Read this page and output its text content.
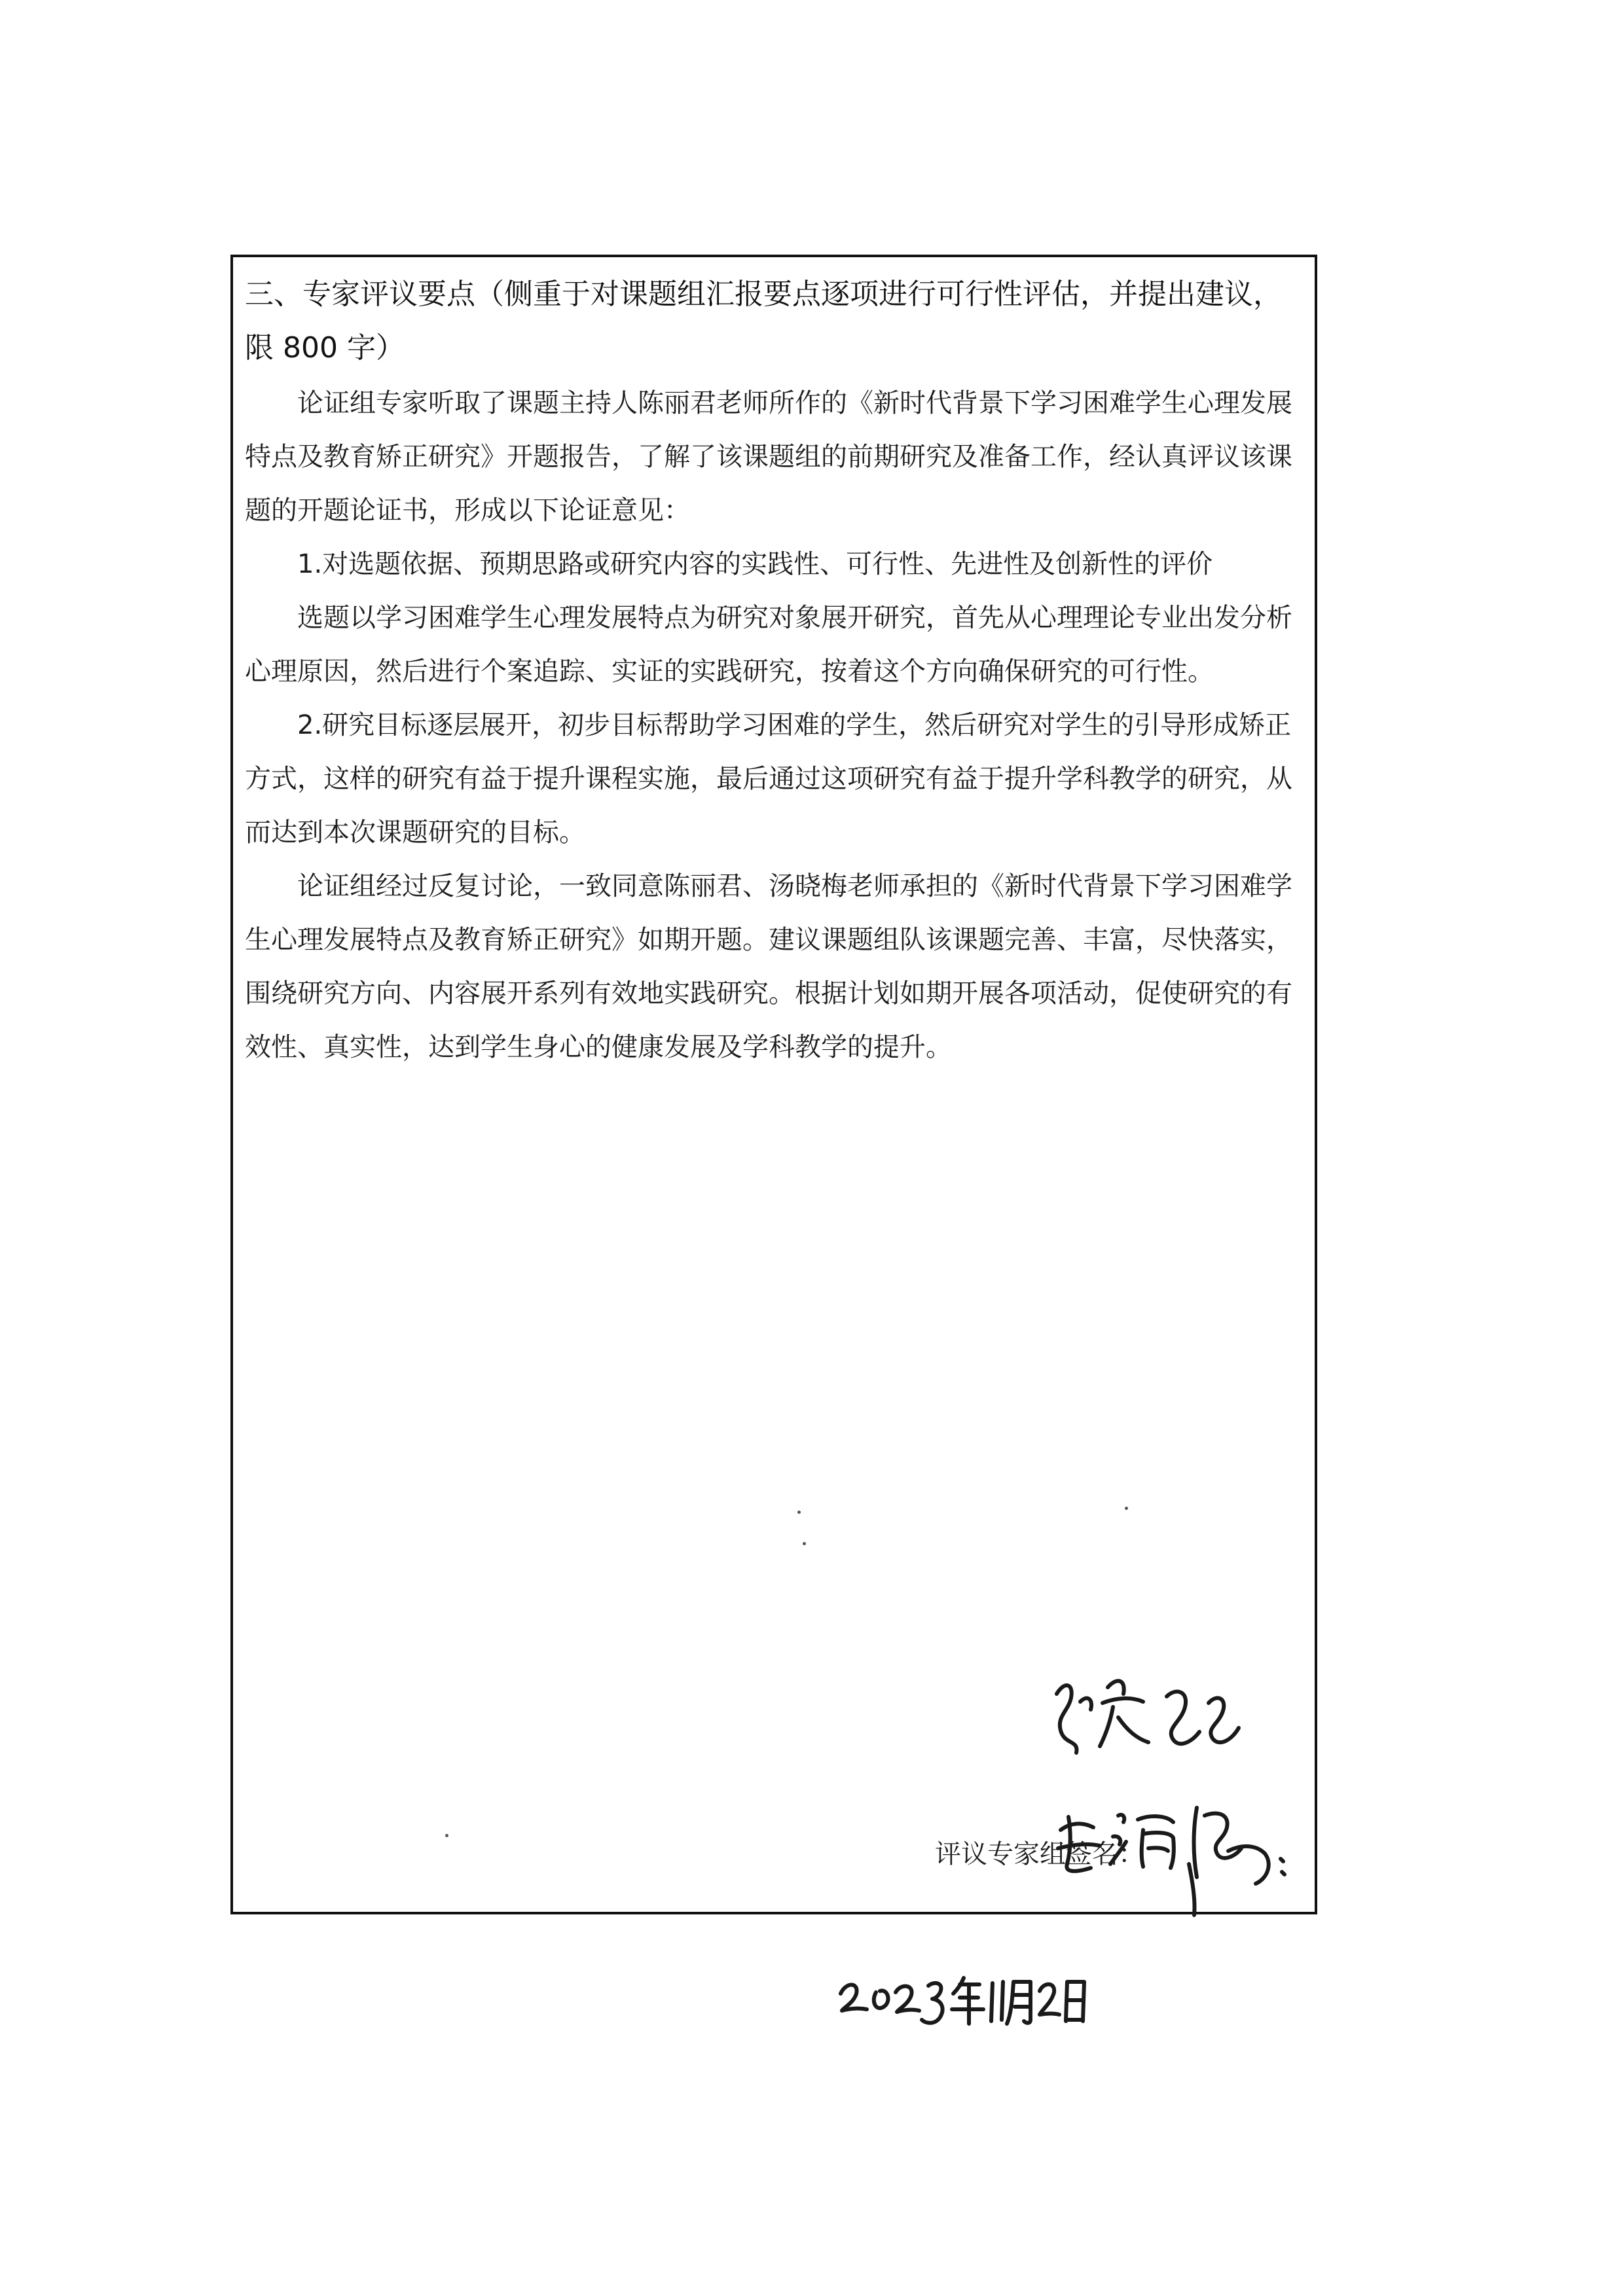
三、专家评议要点（侧重于对课题组汇报要点逐项进行可行性评估，并提出建议，限 800 字）

论证组专家听取了课题主持人陈丽君老师所作的《新时代背景下学习困难学生心理发展特点及教育矫正研究》开题报告，了解了该课题组的前期研究及准备工作，经认真评议该课题的开题论证书，形成以下论证意见：

1.对选题依据、预期思路或研究内容的实践性、可行性、先进性及创新性的评价

选题以学习困难学生心理发展特点为研究对象展开研究，首先从心理理论专业出发分析心理原因，然后进行个案追踪、实证的实践研究，按着这个方向确保研究的可行性。

2.研究目标逐层展开，初步目标帮助学习困难的学生，然后研究对学生的引导形成矫正方式，这样的研究有益于提升课程实施，最后通过这项研究有益于提升学科教学的研究，从而达到本次课题研究的目标。

论证组经过反复讨论，一致同意陈丽君、汤晓梅老师承担的《新时代背景下学习困难学生心理发展特点及教育矫正研究》如期开题。建议课题组队该课题完善、丰富，尽快落实，围绕研究方向、内容展开系列有效地实践研究。根据计划如期开展各项活动，促使研究的有效性、真实性，达到学生身心的健康发展及学科教学的提升。

评议专家组签名：
